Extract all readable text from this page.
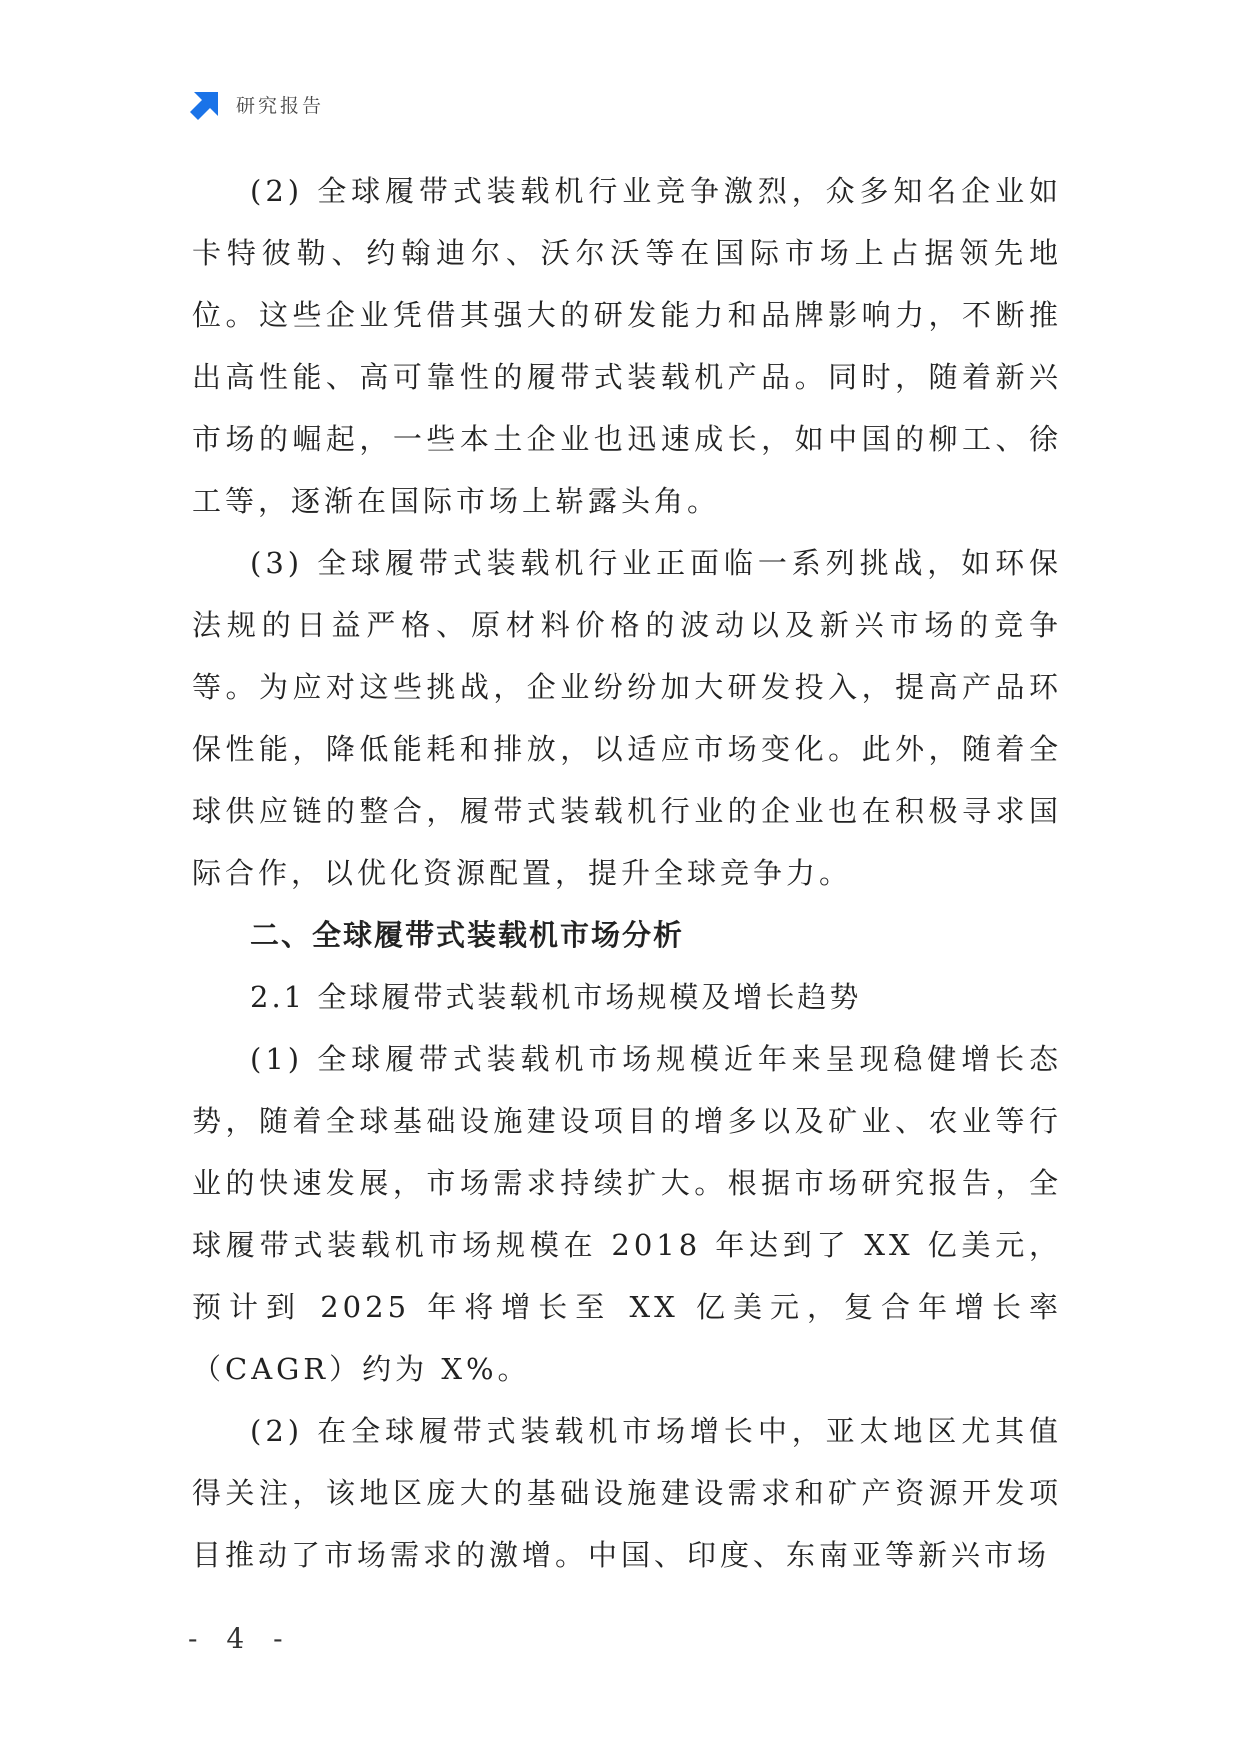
研究报告

(2) 全球履带式装载机行业竞争激烈，众多知名企业如卡特彼勒、约翰迪尔、沃尔沃等在国际市场上占据领先地位。这些企业凭借其强大的研发能力和品牌影响力，不断推出高性能、高可靠性的履带式装载机产品。同时，随着新兴市场的崛起，一些本土企业也迅速成长，如中国的柳工、徐工等，逐渐在国际市场上崭露头角。

(3) 全球履带式装载机行业正面临一系列挑战，如环保法规的日益严格、原材料价格的波动以及新兴市场的竞争等。为应对这些挑战，企业纷纷加大研发投入，提高产品环保性能，降低能耗和排放，以适应市场变化。此外，随着全球供应链的整合，履带式装载机行业的企业也在积极寻求国际合作，以优化资源配置，提升全球竞争力。

二、全球履带式装载机市场分析

2.1 全球履带式装载机市场规模及增长趋势

(1) 全球履带式装载机市场规模近年来呈现稳健增长态势，随着全球基础设施建设项目的增多以及矿业、农业等行业的快速发展，市场需求持续扩大。根据市场研究报告，全球履带式装载机市场规模在 2018 年达到了 XX 亿美元，预计到 2025 年将增长至 XX 亿美元，复合年增长率（CAGR）约为 X%。

(2) 在全球履带式装载机市场增长中，亚太地区尤其值得关注，该地区庞大的基础设施建设需求和矿产资源开发项目推动了市场需求的激增。中国、印度、东南亚等新兴市场

- 4 -
